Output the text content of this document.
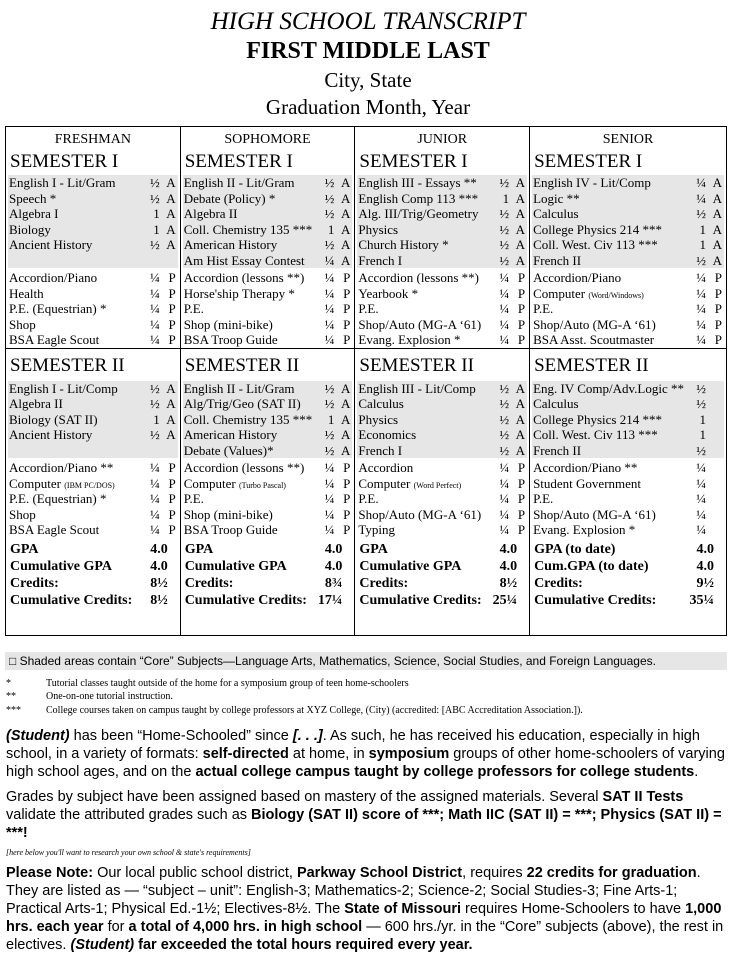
HIGH SCHOOL TRANSCRIPT
FIRST MIDDLE LAST
City, State
Graduation Month, Year
FRESHMAN
SEMESTER I
English I - Lit/Gram	½ A
Speech *	½ A
Algebra I	1 A
Biology	1 A
Ancient History	½ A
Accordion/Piano	¼ P
Health	¼ P
P.E. (Equestrian) *	¼ P
Shop	¼ P
BSA Eagle Scout	¼ P
SEMESTER II
English I - Lit/Comp	½ A
Algebra II	½ A
Biology (SAT II)	1 A
Ancient History	½ A
Accordion/Piano **	¼ P
Computer (IBM PC/DOS)	¼ P
P.E. (Equestrian) *	¼ P
Shop	¼ P
BSA Eagle Scout	¼ P
GPA	4.0
Cumulative GPA	4.0
Credits:	8½
Cumulative Credits:	8½
SOPHOMORE
SEMESTER I
English II - Lit/Gram	½ A
Debate (Policy) *	½ A
Algebra II	½ A
Coll. Chemistry 135 ***	1 A
American History	½ A
Am Hist Essay Contest	¼ A
Accordion (lessons **)	¼ P
Horse'ship Therapy *	¼ P
P.E.	¼ P
Shop (mini-bike)	¼ P
BSA Troop Guide	¼ P
SEMESTER II
English II - Lit/Gram	½ A
Alg/Trig/Geo (SAT II)	½ A
Coll. Chemistry 135 ***	1 A
American History	½ A
Debate (Values)*	½ A
Accordion (lessons **)	¼ P
Computer (Turbo Pascal)	¼ P
P.E.	¼ P
Shop (mini-bike)	¼ P
BSA Troop Guide	¼ P
GPA	4.0
Cumulative GPA	4.0
Credits:	8¾
Cumulative Credits: 17¼
JUNIOR
SEMESTER I
English III - Essays **	½ A
English Comp 113 ***	1 A
Alg. III/Trig/Geometry	½ A
Physics	½ A
Church History *	½ A
French I	½ A
Accordion (lessons **)	¼ P
Yearbook *	¼ P
P.E.	¼ P
Shop/Auto (MG-A ‘61)	¼ P
Evang. Explosion *	¼ P
SEMESTER II
English III - Lit/Comp	½ A
Calculus	½ A
Physics	½ A
Economics	½ A
French I	½ A
Accordion	¼ P
Computer (Word Perfect)	¼ P
P.E.	¼ P
Shop/Auto (MG-A ‘61)	¼ P
Typing	¼ P
GPA	4.0
Cumulative GPA	4.0
Credits:	8½
Cumulative Credits: 25¼
SENIOR
SEMESTER I
English IV - Lit/Comp	¼ A
Logic **	¼ A
Calculus	½ A
College Physics 214 ***	1 A
Coll. West. Civ 113 ***	1 A
French II	½ A
Accordion/Piano	¼ P
Computer (Word/Windows)	¼ P
P.E.	¼ P
Shop/Auto (MG-A ‘61)	¼ P
BSA Asst. Scoutmaster	¼ P
SEMESTER II
Eng. IV Comp/Adv.Logic ** ½
Calculus	½
College Physics 214 ***	1
Coll. West. Civ 113 ***	1
French II	½
Accordion/Piano **	¼
Student Government	¼
P.E.	¼
Shop/Auto (MG-A ‘61)	¼
Evang. Explosion *	¼
GPA (to date)	4.0
Cum.GPA (to date)	4.0
Credits:	9½
Cumulative Credits:	35¼
□ Shaded areas contain “Core” Subjects—Language Arts, Mathematics, Science, Social Studies, and Foreign Languages.
*	Tutorial classes taught outside of the home for a symposium group of teen home-schoolers
**	One-on-one tutorial instruction.
***	College courses taken on campus taught by college professors at XYZ College, (City) (accredited: [ABC Accreditation Association.]).
(Student) has been “Home-Schooled” since [. . .]. As such, he has received his education, especially in high school, in a variety of formats: self-directed at home, in symposium groups of other home-schoolers of varying high school ages, and on the actual college campus taught by college professors for college students.
Grades by subject have been assigned based on mastery of the assigned materials. Several SAT II Tests validate the attributed grades such as Biology (SAT II) score of ***; Math IIC (SAT II) = ***; Physics (SAT II) = ***!
[here below you'll want to research your own school & state's requirements]
Please Note: Our local public school district, Parkway School District, requires 22 credits for graduation. They are listed as — “subject – unit”: English-3; Mathematics-2; Science-2; Social Studies-3; Fine Arts-1; Practical Arts-1; Physical Ed.-1½; Electives-8½. The State of Missouri requires Home-Schoolers to have 1,000 hrs. each year for a total of 4,000 hrs. in high school — 600 hrs./yr. in the “Core” subjects (above), the rest in electives. (Student) far exceeded the total hours required every year.
